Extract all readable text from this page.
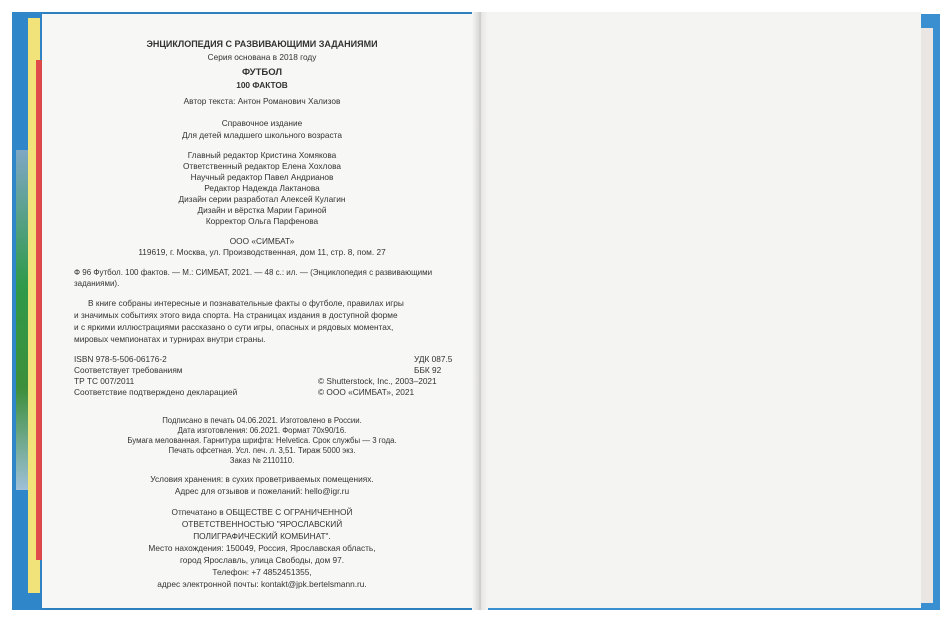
ЭНЦИКЛОПЕДИЯ С РАЗВИВАЮЩИМИ ЗАДАНИЯМИ
Серия основана в 2018 году
ФУТБОЛ
100 ФАКТОВ
Автор текста: Антон Романович Хализов
Справочное издание
Для детей младшего школьного возраста
Главный редактор Кристина Хомякова
Ответственный редактор Елена Хохлова
Научный редактор Павел Андрианов
Редактор Надежда Лактанова
Дизайн серии разработал Алексей Кулагин
Дизайн и вёрстка Марии Гариной
Корректор Ольга Парфенова
ООО «СИМБАТ»
119619, г. Москва, ул. Производственная, дом 11, стр. 8, пом. 27
Ф 96 Футбол. 100 фактов. — М.: СИМБАТ, 2021. — 48 с.: ил. — (Энциклопедия с развивающими
заданиями).
В книге собраны интересные и познавательные факты о футболе, правилах игры
и значимых событиях этого вида спорта. На страницах издания в доступной форме
и с яркими иллюстрациями рассказано о сути игры, опасных и рядовых моментах,
мировых чемпионатах и турнирах внутри страны.
ISBN 978-5-506-06176-2
Соответствует требованиям
ТР ТС 007/2011
Соответствие подтверждено декларацией
УДК 087.5
ББК 92
© Shutterstock, Inc., 2003–2021
© ООО «СИМБАТ», 2021
Подписано в печать 04.06.2021. Изготовлено в России.
Дата изготовления: 06.2021. Формат 70х90/16.
Бумага мелованная. Гарнитура шрифта: Helvetica. Срок службы — 3 года.
Печать офсетная. Усл. печ. л. 3,51. Тираж 5000 экз.
Заказ № 2110110.
Условия хранения: в сухих проветриваемых помещениях.
Адрес для отзывов и пожеланий: hello@igr.ru
Отпечатано в ОБЩЕСТВЕ С ОГРАНИЧЕННОЙ
ОТВЕТСТВЕННОСТЬЮ "ЯРОСЛАВСКИЙ
ПОЛИГРАФИЧЕСКИЙ КОМБИНАТ".
Место нахождения: 150049, Россия, Ярославская область,
город Ярославль, улица Свободы, дом 97.
Телефон: +7 4852451355,
адрес электронной почты: kontakt@jpk.bertelsmann.ru.
